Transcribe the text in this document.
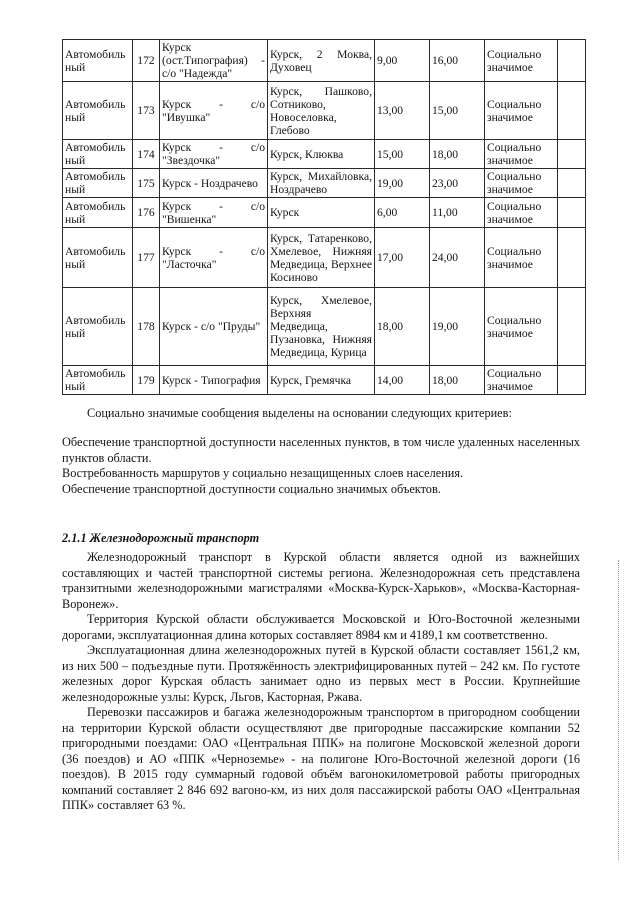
Автомобиль ный	172	Курск (ост.Типография) - с/о "Надежда"	Курск, 2 Моква, Духовец	9,00	16,00	Социально значимое	
Автомобиль ный	173	Курск - с/о "Ивушка"	Курск, Пашково, Сотниково, Новоселовка, Глебово	13,00	15,00	Социально значимое	
Автомобиль ный	174	Курск - с/о "Звездочка"	Курск, Клюква	15,00	18,00	Социально значимое	
Автомобиль ный	175	Курск - Ноздрачево	Курск, Михайловка, Ноздрачево	19,00	23,00	Социально значимое	
Автомобиль ный	176	Курск - с/о "Вишенка"	Курск	6,00	11,00	Социально значимое	
Автомобиль ный	177	Курск - с/о "Ласточка"	Курск, Татаренково, Хмелевое, Нижняя Медведица, Верхнее Косиново	17,00	24,00	Социально значимое	
Автомобиль ный	178	Курск - с/о "Пруды"	Курск, Хмелевое, Верхняя Медведица, Пузановка, Нижняя Медведица, Курица	18,00	19,00	Социально значимое	
Автомобиль ный	179	Курск - Типография	Курск, Гремячка	14,00	18,00	Социально значимое	

Социально значимые сообщения выделены на основании следующих критериев:

Обеспечение транспортной доступности населенных пунктов, в том числе удаленных населенных пунктов области.

Востребованность маршрутов у социально незащищенных слоев населения.

Обеспечение транспортной доступности социально значимых объектов.

2.1.1 Железнодорожный транспорт

Железнодорожный транспорт в Курской области является одной из важнейших составляющих и частей транспортной системы региона. Железнодорожная сеть представлена транзитными железнодорожными магистралями «Москва-Курск-Харьков», «Москва-Касторная-Воронеж».

Территория Курской области обслуживается Московской и Юго-Восточной железными дорогами, эксплуатационная длина которых составляет 8984 км и 4189,1 км соответственно.

Эксплуатационная длина железнодорожных путей в Курской области составляет 1561,2 км, из них 500 – подъездные пути. Протяжённость электрифицированных путей – 242 км. По густоте железных дорог Курская область занимает одно из первых мест в России. Крупнейшие железнодорожные узлы: Курск, Льгов, Касторная, Ржава.

Перевозки пассажиров и багажа железнодорожным транспортом в пригородном сообщении на территории Курской области осуществляют две пригородные пассажирские компании 52 пригородными поездами: ОАО «Центральная ППК» на полигоне Московской железной дороги (36 поездов) и АО «ППК «Черноземье» - на полигоне Юго-Восточной железной дороги (16 поездов). В 2015 году суммарный годовой объём вагонокилометровой работы пригородных компаний составляет 2 846 692 вагоно-км, из них доля пассажирской работы ОАО «Центральная ППК» составляет 63 %.
